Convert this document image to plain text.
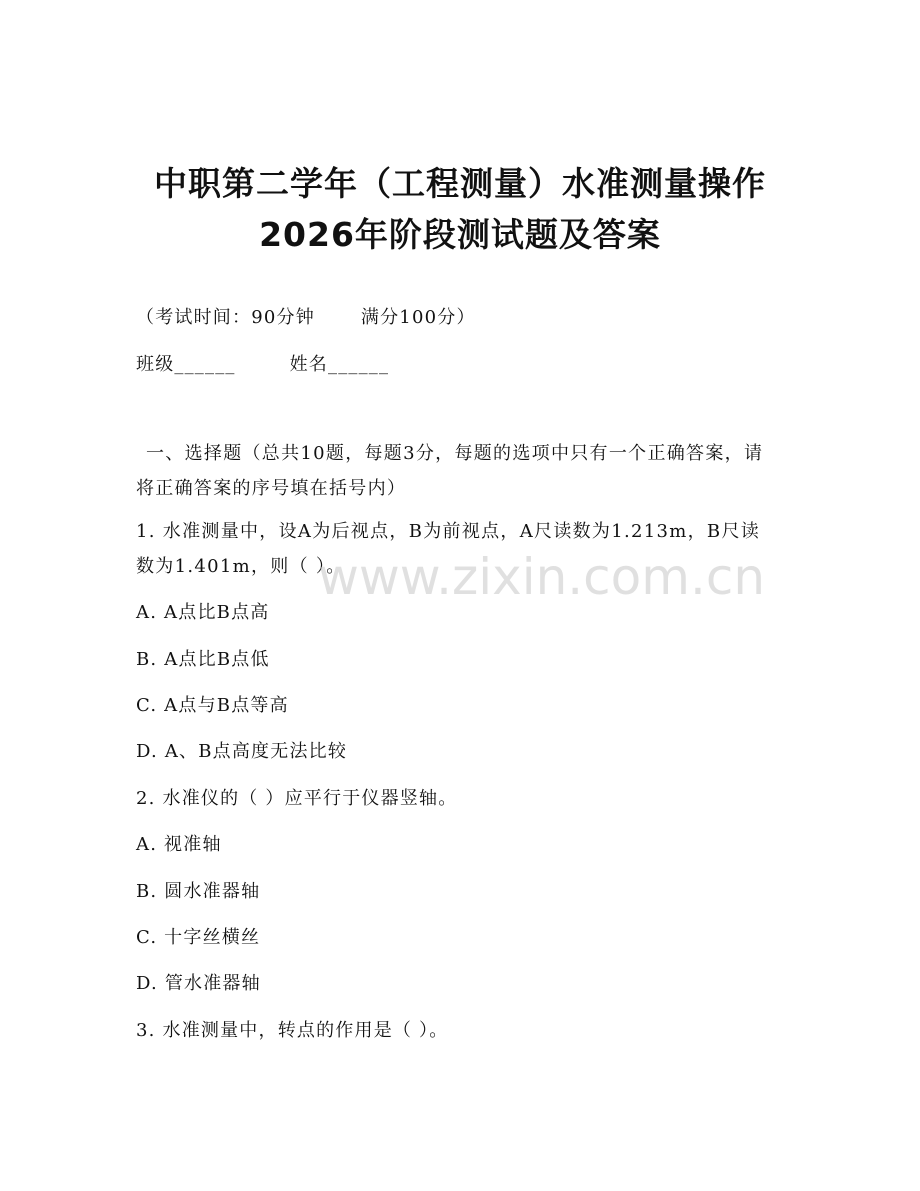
中职第二学年（工程测量）水准测量操作
2026年阶段测试题及答案

（考试时间：90分钟	满分100分）

班级______	姓名______

一、选择题（总共10题，每题3分，每题的选项中只有一个正确答案，请将正确答案的序号填在括号内）

1. 水准测量中，设A为后视点，B为前视点，A尺读数为1.213m，B尺读数为1.401m，则（ ）。

A. A点比B点高

B. A点比B点低

C. A点与B点等高

D. A、B点高度无法比较

2. 水准仪的（ ）应平行于仪器竖轴。

A. 视准轴

B. 圆水准器轴

C. 十字丝横丝

D. 管水准器轴

3. 水准测量中，转点的作用是（ ）。

www.zixin.com.cn
